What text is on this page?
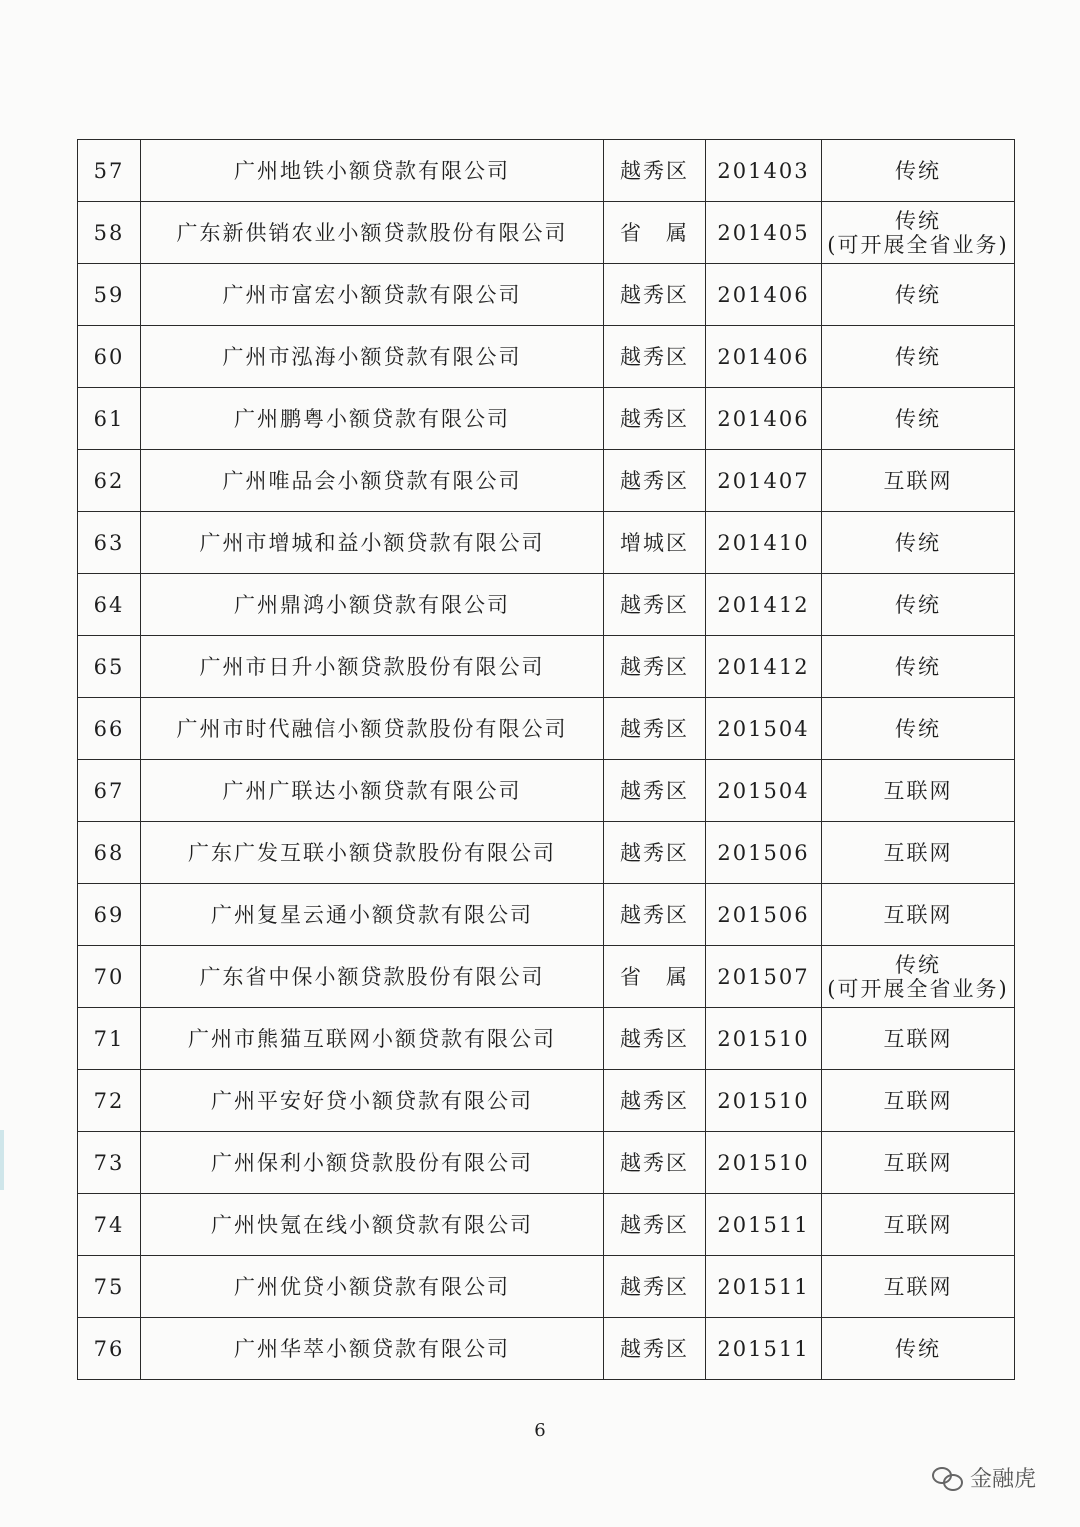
57	广州地铁小额贷款有限公司	越秀区	201403	传统

58	广东新供销农业小额贷款股份有限公司	省　属	201405	传统
(可开展全省业务)

59	广州市富宏小额贷款有限公司	越秀区	201406	传统

60	广州市泓海小额贷款有限公司	越秀区	201406	传统

61	广州鹏粤小额贷款有限公司	越秀区	201406	传统

62	广州唯品会小额贷款有限公司	越秀区	201407	互联网

63	广州市增城和益小额贷款有限公司	增城区	201410	传统

64	广州鼎鸿小额贷款有限公司	越秀区	201412	传统

65	广州市日升小额贷款股份有限公司	越秀区	201412	传统

66	广州市时代融信小额贷款股份有限公司	越秀区	201504	传统

67	广州广联达小额贷款有限公司	越秀区	201504	互联网

68	广东广发互联小额贷款股份有限公司	越秀区	201506	互联网

69	广州复星云通小额贷款有限公司	越秀区	201506	互联网

70	广东省中保小额贷款股份有限公司	省　属	201507	传统
(可开展全省业务)

71	广州市熊猫互联网小额贷款有限公司	越秀区	201510	互联网

72	广州平安好贷小额贷款有限公司	越秀区	201510	互联网

73	广州保利小额贷款股份有限公司	越秀区	201510	互联网

74	广州快氪在线小额贷款有限公司	越秀区	201511	互联网

75	广州优贷小额贷款有限公司	越秀区	201511	互联网

76	广州华萃小额贷款有限公司	越秀区	201511	传统
6
金融虎
